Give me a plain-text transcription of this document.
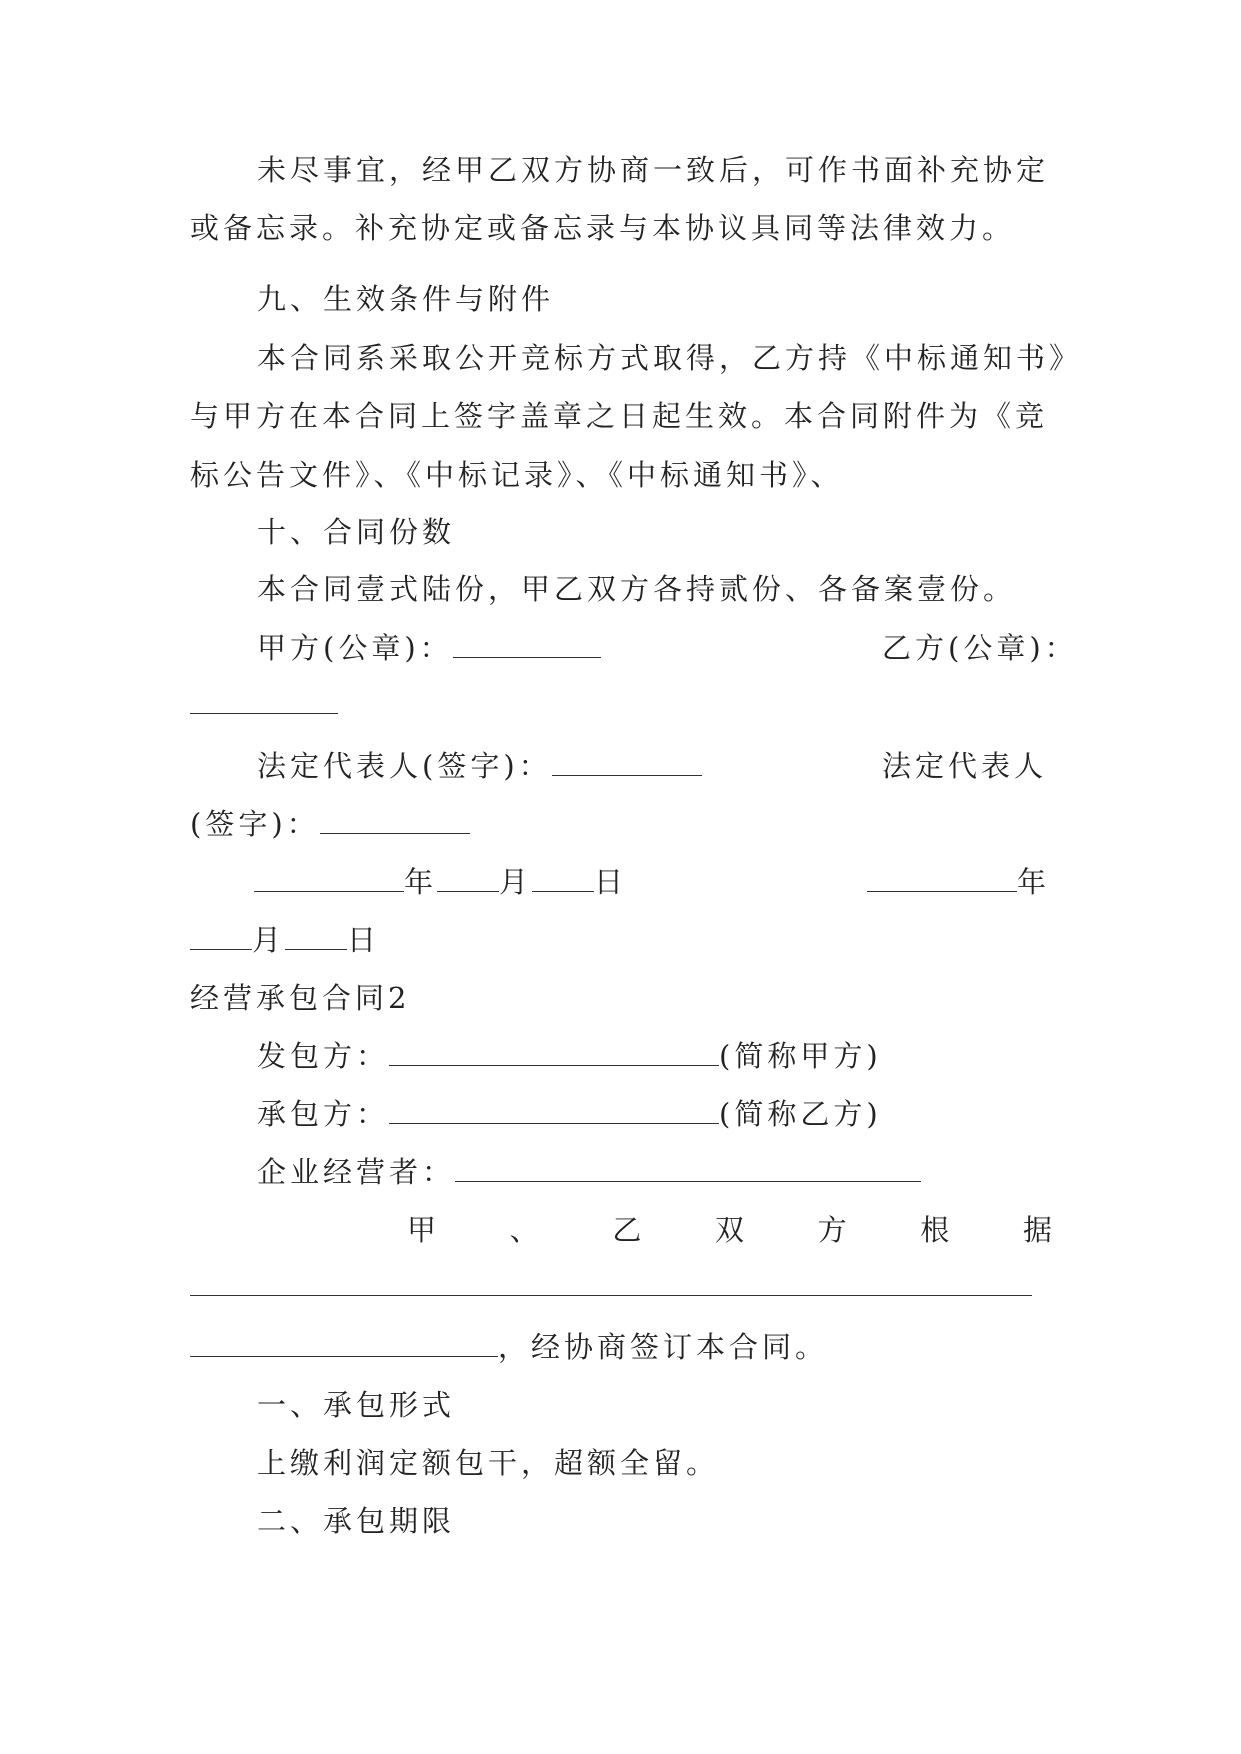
未尽事宜，经甲乙双方协商一致后，可作书面补充协定
或备忘录。补充协定或备忘录与本协议具同等法律效力。
九、生效条件与附件
本合同系采取公开竞标方式取得，乙方持《中标通知书》
与甲方在本合同上签字盖章之日起生效。本合同附件为《竞
标公告文件》、《中标记录》、《中标通知书》、
十、合同份数
本合同壹式陆份，甲乙双方各持贰份、各备案壹份。
甲方(公章)：	乙方(公章)：
法定代表人(签字)：	法定代表人
(签字)：
年 月 日	年
月 日
经营承包合同2
发包方：	(简称甲方)
承包方：	(简称乙方)
企业经营者：
甲	、	乙	双	方	根	据
，经协商签订本合同。
一、承包形式
上缴利润定额包干，超额全留。
二、承包期限
